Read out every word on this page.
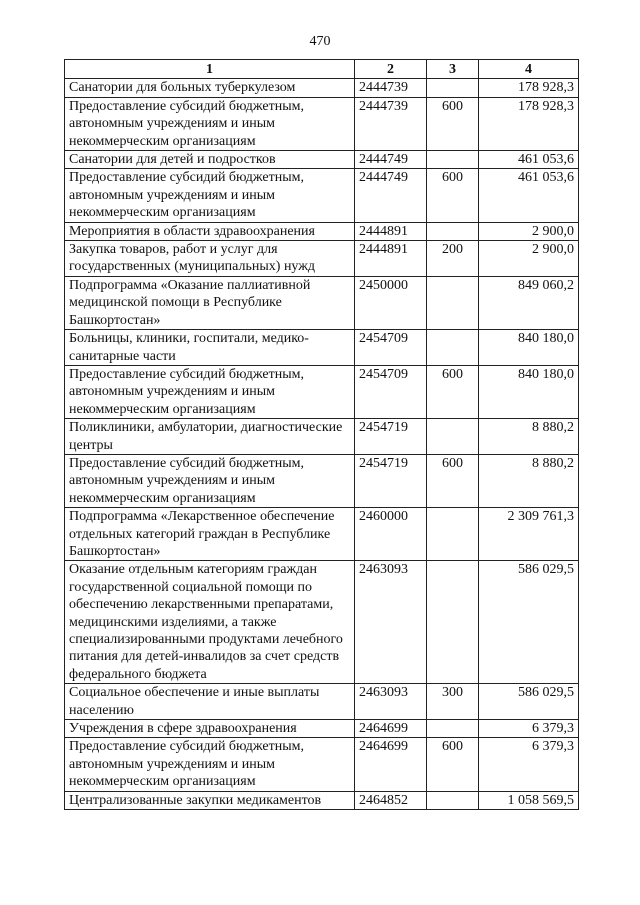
470
1	2	3	4
Санатории для больных туберкулезом	2444739		178 928,3
Предоставление субсидий бюджетным, автономным учреждениям и иным некоммерческим организациям	2444739	600	178 928,3
Санатории для детей и подростков	2444749		461 053,6
Предоставление субсидий бюджетным, автономным учреждениям и иным некоммерческим организациям	2444749	600	461 053,6
Мероприятия в области здравоохранения	2444891		2 900,0
Закупка товаров, работ и услуг для государственных (муниципальных) нужд	2444891	200	2 900,0
Подпрограмма «Оказание паллиативной медицинской помощи в Республике Башкортостан»	2450000		849 060,2
Больницы, клиники, госпитали, медико-санитарные части	2454709		840 180,0
Предоставление субсидий бюджетным, автономным учреждениям и иным некоммерческим организациям	2454709	600	840 180,0
Поликлиники, амбулатории, диагностические центры	2454719		8 880,2
Предоставление субсидий бюджетным, автономным учреждениям и иным некоммерческим организациям	2454719	600	8 880,2
Подпрограмма «Лекарственное обеспечение отдельных категорий граждан в Республике Башкортостан»	2460000		2 309 761,3
Оказание отдельным категориям граждан государственной социальной помощи по обеспечению лекарственными препаратами, медицинскими изделиями, а также специализированными продуктами лечебного питания для детей-инвалидов за счет средств федерального бюджета	2463093		586 029,5
Социальное обеспечение и иные выплаты населению	2463093	300	586 029,5
Учреждения в сфере здравоохранения	2464699		6 379,3
Предоставление субсидий бюджетным, автономным учреждениям и иным некоммерческим организациям	2464699	600	6 379,3
Централизованные закупки медикаментов	2464852		1 058 569,5
